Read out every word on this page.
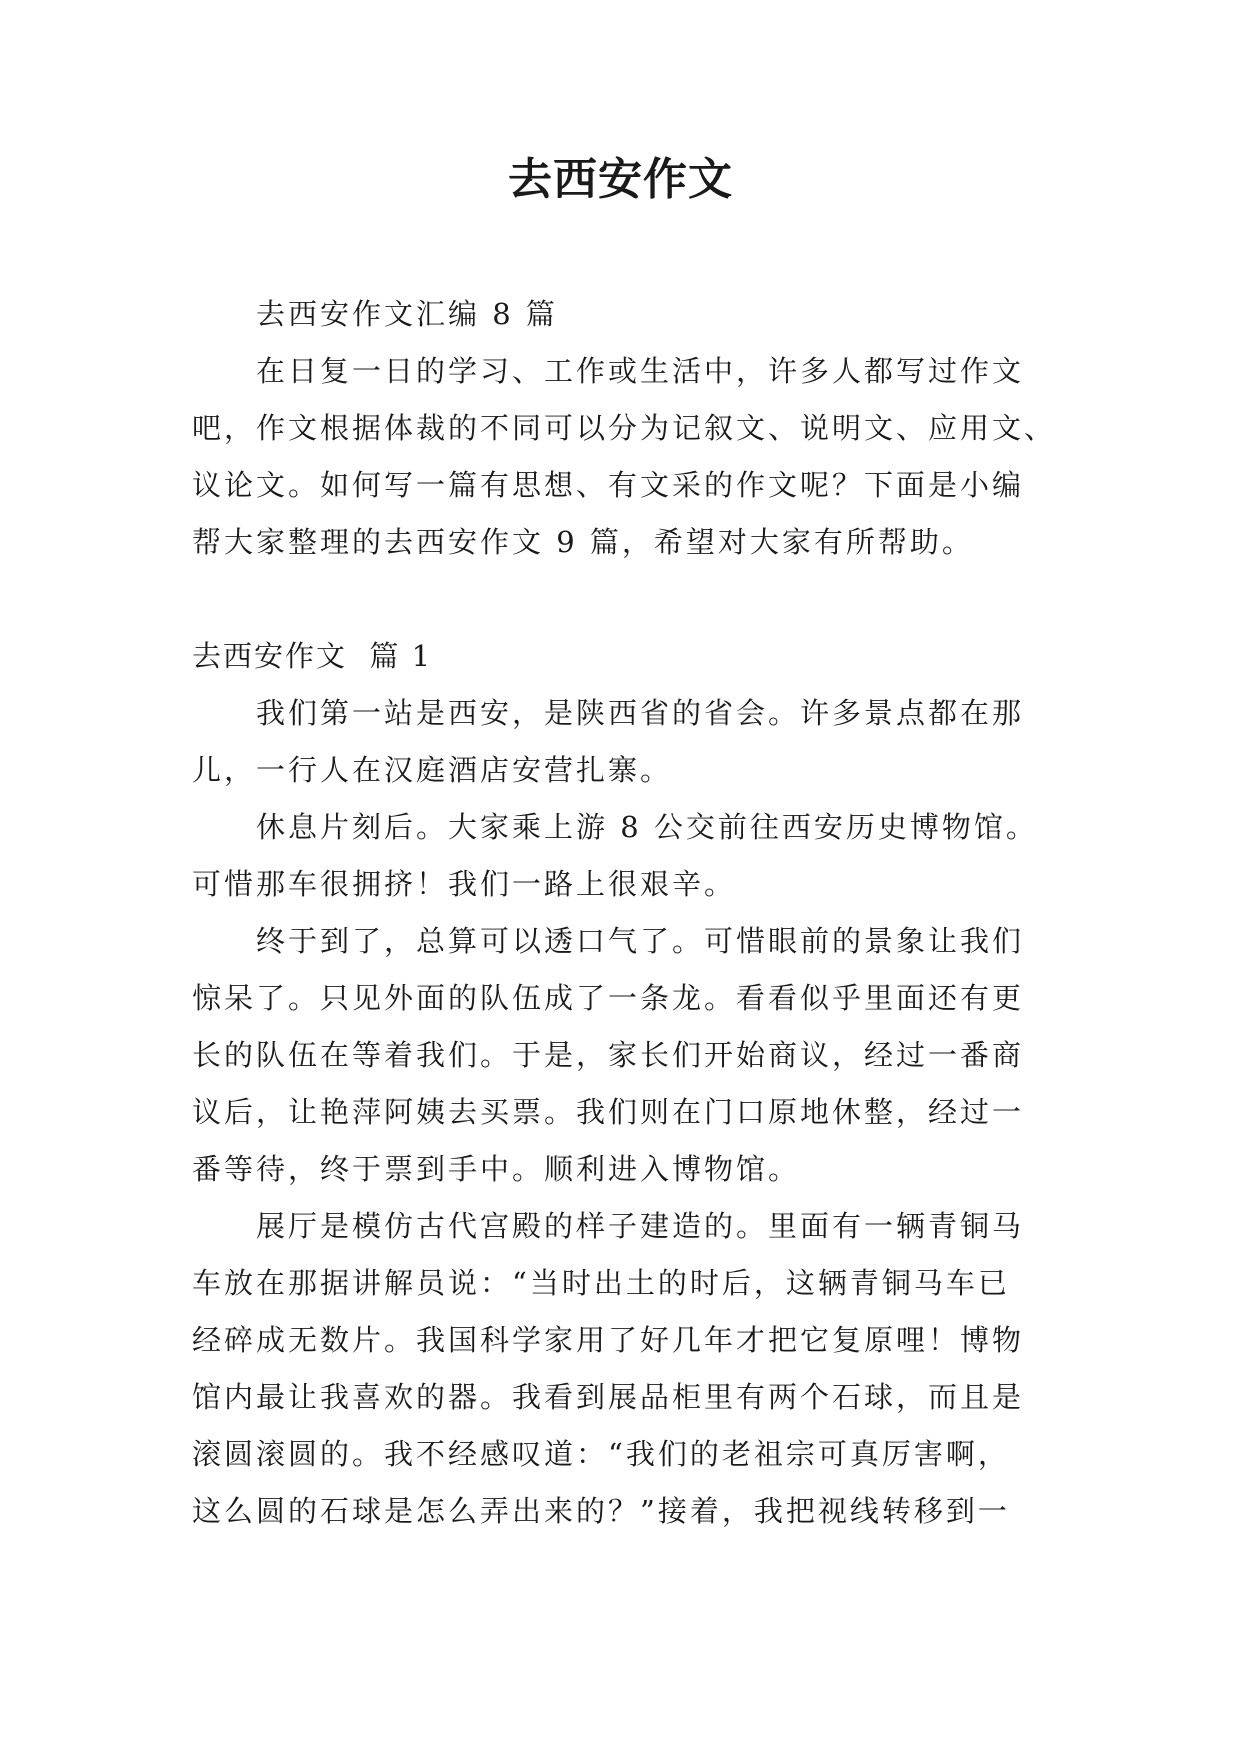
去西安作文
去西安作文汇编 8 篇
在日复一日的学习、工作或生活中，许多人都写过作文
吧，作文根据体裁的不同可以分为记叙文、说明文、应用文、
议论文。如何写一篇有思想、有文采的作文呢？下面是小编
帮大家整理的去西安作文 9 篇，希望对大家有所帮助。
去西安作文  篇 1
我们第一站是西安，是陕西省的省会。许多景点都在那
儿，一行人在汉庭酒店安营扎寨。
休息片刻后。大家乘上游 8 公交前往西安历史博物馆。
可惜那车很拥挤！我们一路上很艰辛。
终于到了，总算可以透口气了。可惜眼前的景象让我们
惊呆了。只见外面的队伍成了一条龙。看看似乎里面还有更
长的队伍在等着我们。于是，家长们开始商议，经过一番商
议后，让艳萍阿姨去买票。我们则在门口原地休整，经过一
番等待，终于票到手中。顺利进入博物馆。
展厅是模仿古代宫殿的样子建造的。里面有一辆青铜马
车放在那据讲解员说：“当时出土的时后，这辆青铜马车已
经碎成无数片。我国科学家用了好几年才把它复原哩！博物
馆内最让我喜欢的器。我看到展品柜里有两个石球，而且是
滚圆滚圆的。我不经感叹道：“我们的老祖宗可真厉害啊，
这么圆的石球是怎么弄出来的？”接着，我把视线转移到一
